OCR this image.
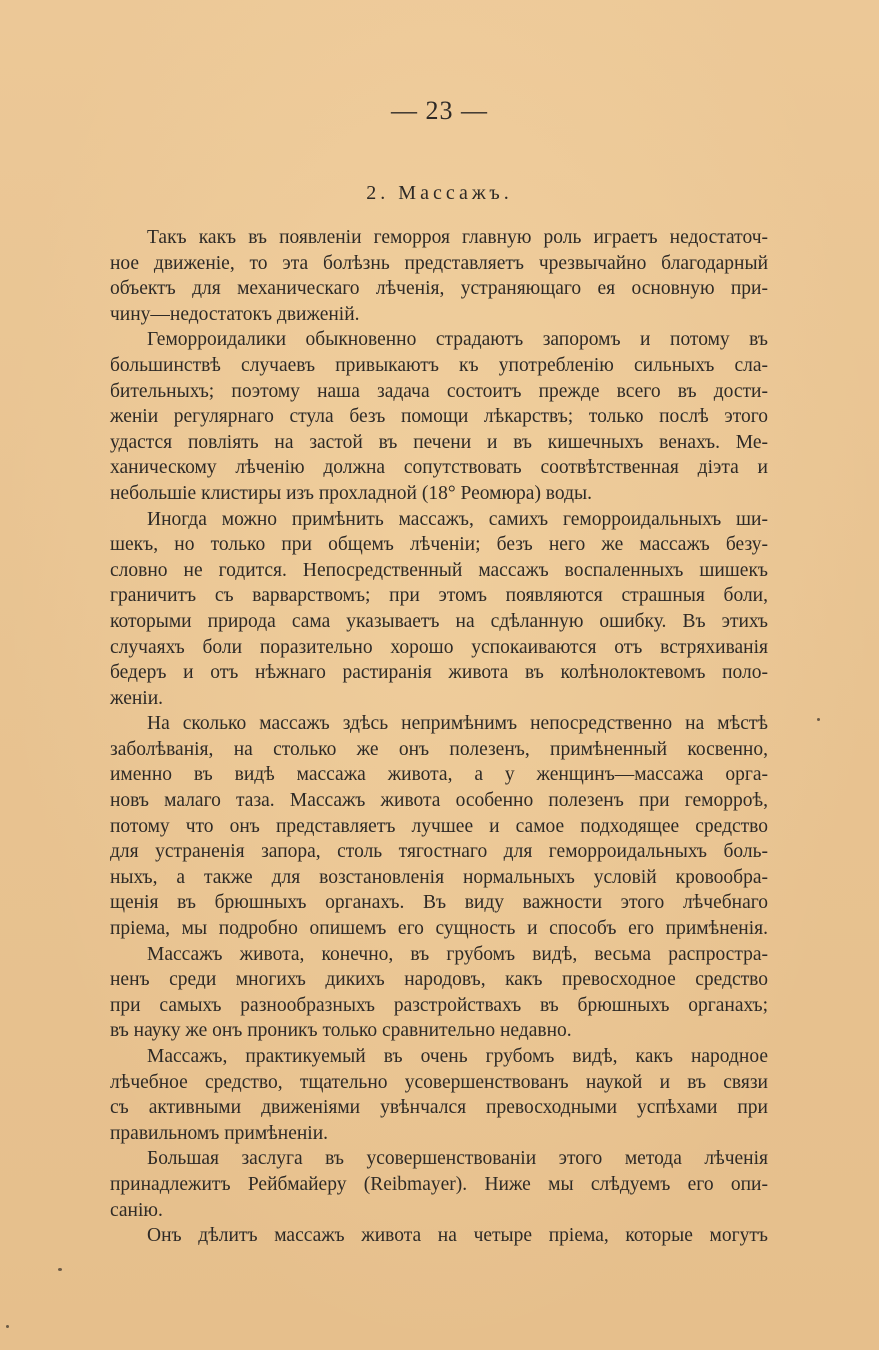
— 23 —
2. Массажъ.
Такъ какъ въ появленіи геморроя главную роль играетъ недостаточ-
ное движеніе, то эта болѣзнь представляетъ чрезвычайно благодарный
объектъ для механическаго лѣченія, устраняющаго ея основную при-
чину—недостатокъ движеній.
Геморроидалики обыкновенно страдаютъ запоромъ и потому въ
большинствѣ случаевъ привыкаютъ къ употребленію сильныхъ сла-
бительныхъ; поэтому наша задача состоитъ прежде всего въ дости-
женіи регулярнаго стула безъ помощи лѣкарствъ; только послѣ этого
удастся повліять на застой въ печени и въ кишечныхъ венахъ. Ме-
ханическому лѣченію должна сопутствовать соотвѣтственная діэта и
небольшіе клистиры изъ прохладной (18° Реомюра) воды.
Иногда можно примѣнить массажъ, самихъ геморроидальныхъ ши-
шекъ, но только при общемъ лѣченіи; безъ него же массажъ безу-
словно не годится. Непосредственный массажъ воспаленныхъ шишекъ
граничитъ съ варварствомъ; при этомъ появляются страшныя боли,
которыми природа сама указываетъ на сдѣланную ошибку. Въ этихъ
случаяхъ боли поразительно хорошо успокаиваются отъ встряхиванія
бедеръ и отъ нѣжнаго растиранія живота въ колѣнолоктевомъ поло-
женіи.
На сколько массажъ здѣсь непримѣнимъ непосредственно на мѣстѣ
заболѣванія, на столько же онъ полезенъ, примѣненный косвенно,
именно въ видѣ массажа живота, а у женщинъ—массажа орга-
новъ малаго таза. Массажъ живота особенно полезенъ при геморроѣ,
потому что онъ представляетъ лучшее и самое подходящее средство
для устраненія запора, столь тягостнаго для геморроидальныхъ боль-
ныхъ, а также для возстановленія нормальныхъ условій кровообра-
щенія въ брюшныхъ органахъ. Въ виду важности этого лѣчебнаго
пріема, мы подробно опишемъ его сущность и способъ его примѣненія.
Массажъ живота, конечно, въ грубомъ видѣ, весьма распростра-
ненъ среди многихъ дикихъ народовъ, какъ превосходное средство
при самыхъ разнообразныхъ разстройствахъ въ брюшныхъ органахъ;
въ науку же онъ проникъ только сравнительно недавно.
Массажъ, практикуемый въ очень грубомъ видѣ, какъ народное
лѣчебное средство, тщательно усовершенствованъ наукой и въ связи
съ активными движеніями увѣнчался превосходными успѣхами при
правильномъ примѣненіи.
Большая заслуга въ усовершенствованіи этого метода лѣченія
принадлежитъ Рейбмайеру (Reibmayer). Ниже мы слѣдуемъ его опи-
санію.
Онъ дѣлитъ массажъ живота на четыре пріема, которые могутъ
